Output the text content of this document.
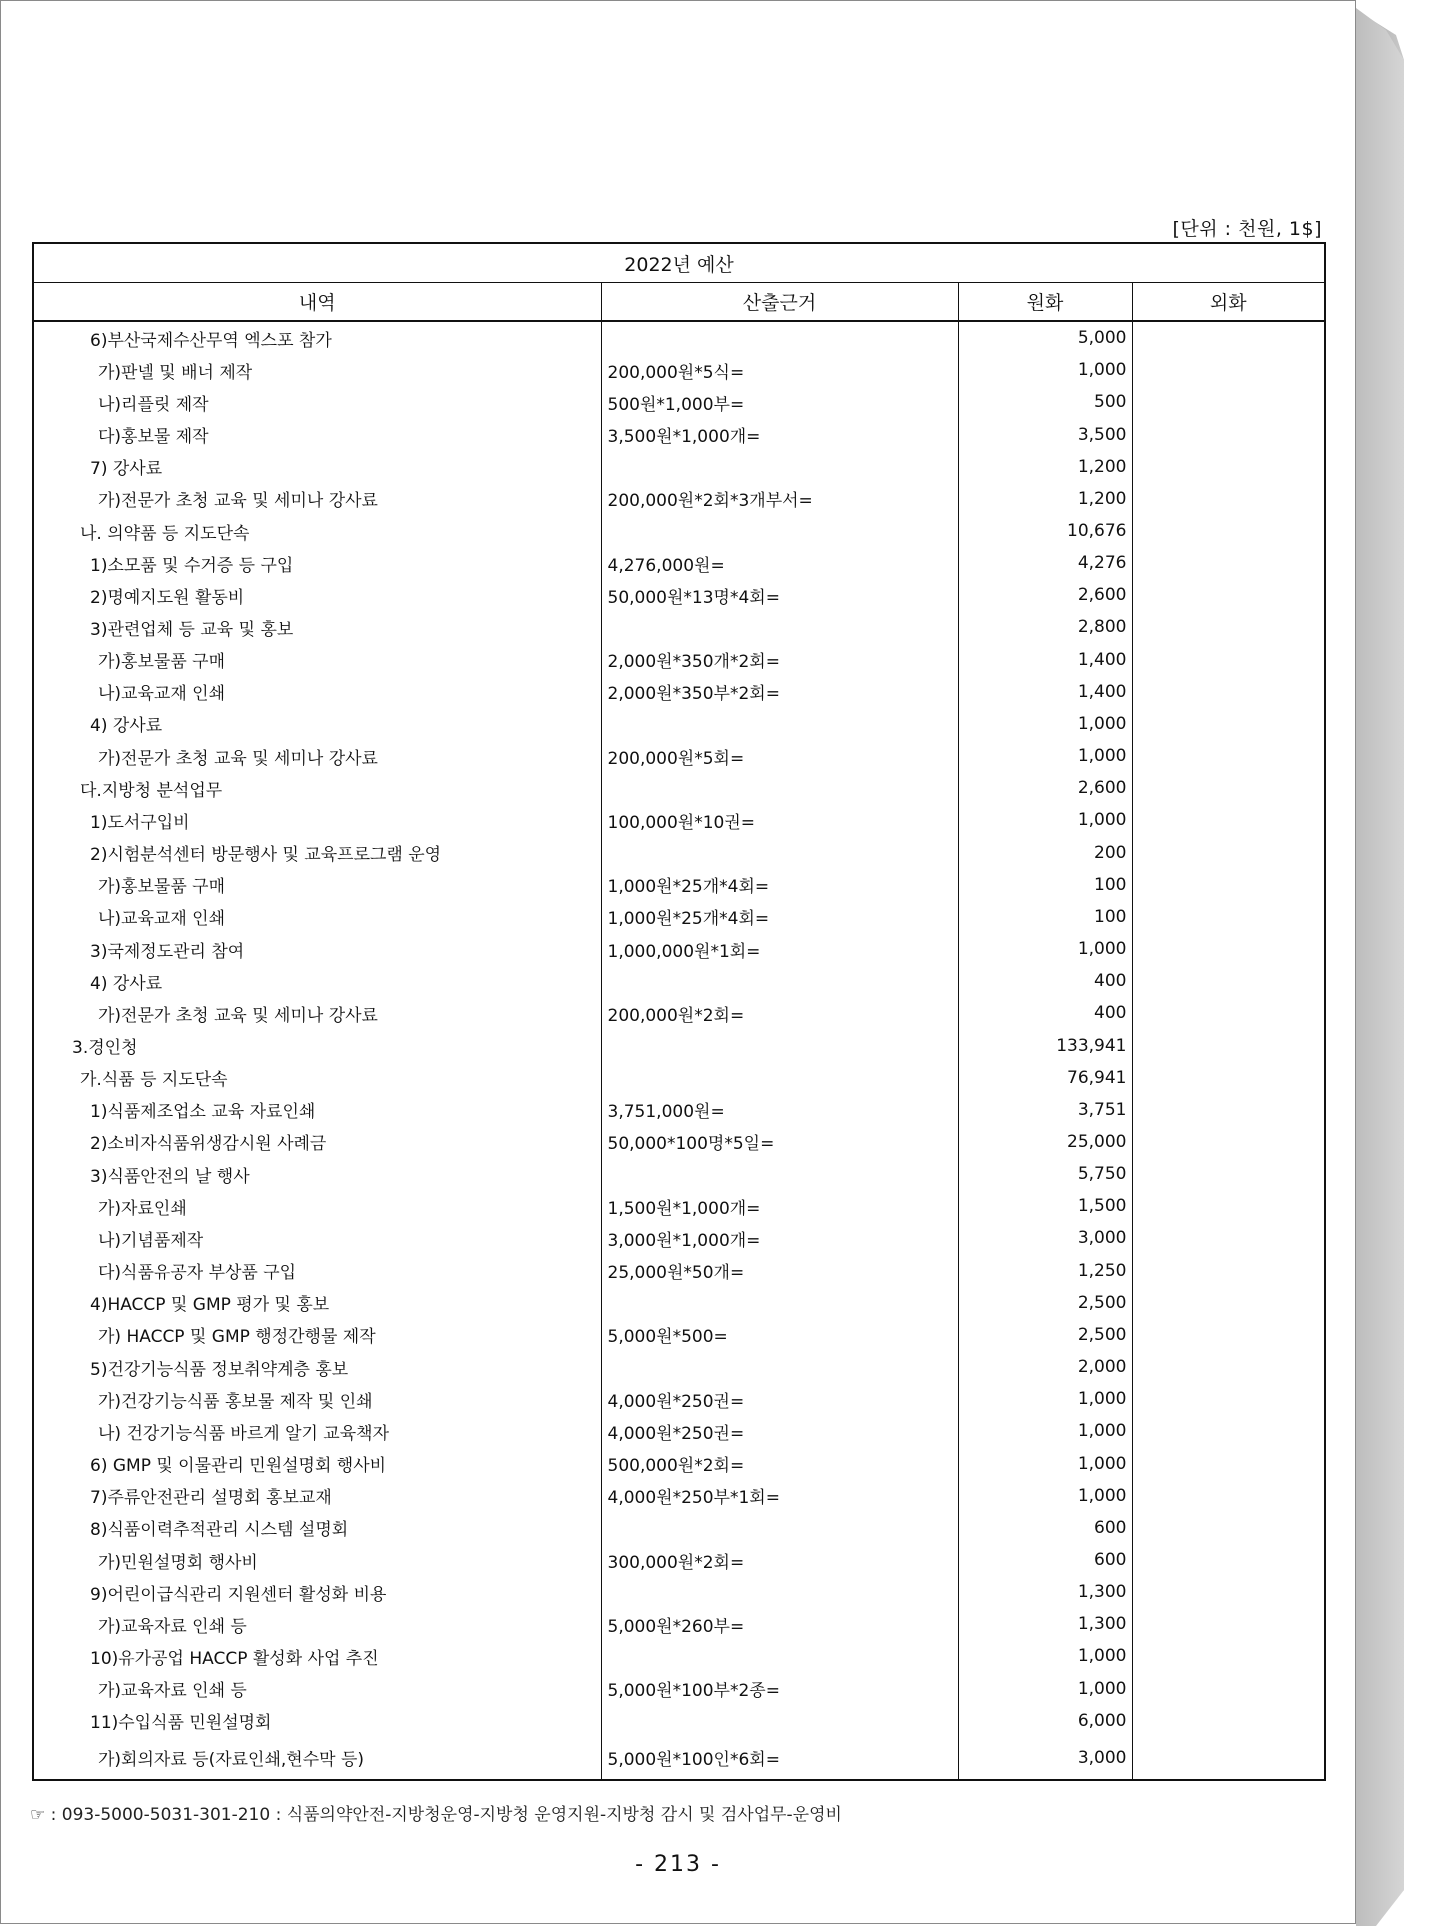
[단위 : 천원, 1$]
2022년 예산			
내역	산출근거	원화	외화
6)부산국제수산무역 엑스포 참가		5,000	
가)판넬 및 배너 제작	200,000원*5식=	1,000	
나)리플릿 제작	500원*1,000부=	500	
다)홍보물 제작	3,500원*1,000개=	3,500	
7) 강사료		1,200	
가)전문가 초청 교육 및 세미나 강사료	200,000원*2회*3개부서=	1,200	
나. 의약품 등 지도단속		10,676	
1)소모품 및 수거증 등 구입	4,276,000원=	4,276	
2)명예지도원 활동비	50,000원*13명*4회=	2,600	
3)관련업체 등 교육 및 홍보		2,800	
가)홍보물품 구매	2,000원*350개*2회=	1,400	
나)교육교재 인쇄	2,000원*350부*2회=	1,400	
4) 강사료		1,000	
가)전문가 초청 교육 및 세미나 강사료	200,000원*5회=	1,000	
다.지방청 분석업무		2,600	
1)도서구입비	100,000원*10권=	1,000	
2)시험분석센터 방문행사 및 교육프로그램 운영		200	
가)홍보물품 구매	1,000원*25개*4회=	100	
나)교육교재 인쇄	1,000원*25개*4회=	100	
3)국제정도관리 참여	1,000,000원*1회=	1,000	
4) 강사료		400	
가)전문가 초청 교육 및 세미나 강사료	200,000원*2회=	400	
3.경인청		133,941	
가.식품 등 지도단속		76,941	
1)식품제조업소 교육 자료인쇄	3,751,000원=	3,751	
2)소비자식품위생감시원 사례금	50,000*100명*5일=	25,000	
3)식품안전의 날 행사		5,750	
가)자료인쇄	1,500원*1,000개=	1,500	
나)기념품제작	3,000원*1,000개=	3,000	
다)식품유공자 부상품 구입	25,000원*50개=	1,250	
4)HACCP 및 GMP 평가 및 홍보		2,500	
가) HACCP 및 GMP 행정간행물 제작	5,000원*500=	2,500	
5)건강기능식품 정보취약계층 홍보		2,000	
가)건강기능식품 홍보물 제작 및 인쇄	4,000원*250권=	1,000	
나) 건강기능식품 바르게 알기 교육책자	4,000원*250권=	1,000	
6) GMP 및 이물관리 민원설명회 행사비	500,000원*2회=	1,000	
7)주류안전관리 설명회 홍보교재	4,000원*250부*1회=	1,000	
8)식품이력추적관리 시스템 설명회		600	
가)민원설명회 행사비	300,000원*2회=	600	
9)어린이급식관리 지원센터 활성화 비용		1,300	
가)교육자료 인쇄 등	5,000원*260부=	1,300	
10)유가공업 HACCP 활성화 사업 추진		1,000	
가)교육자료 인쇄 등	5,000원*100부*2종=	1,000	
11)수입식품 민원설명회		6,000	
가)회의자료 등(자료인쇄,현수막 등)	5,000원*100인*6회=	3,000	
☞ : 093-5000-5031-301-210 : 식품의약안전-지방청운영-지방청 운영지원-지방청 감시 및 검사업무-운영비
- 213 -
